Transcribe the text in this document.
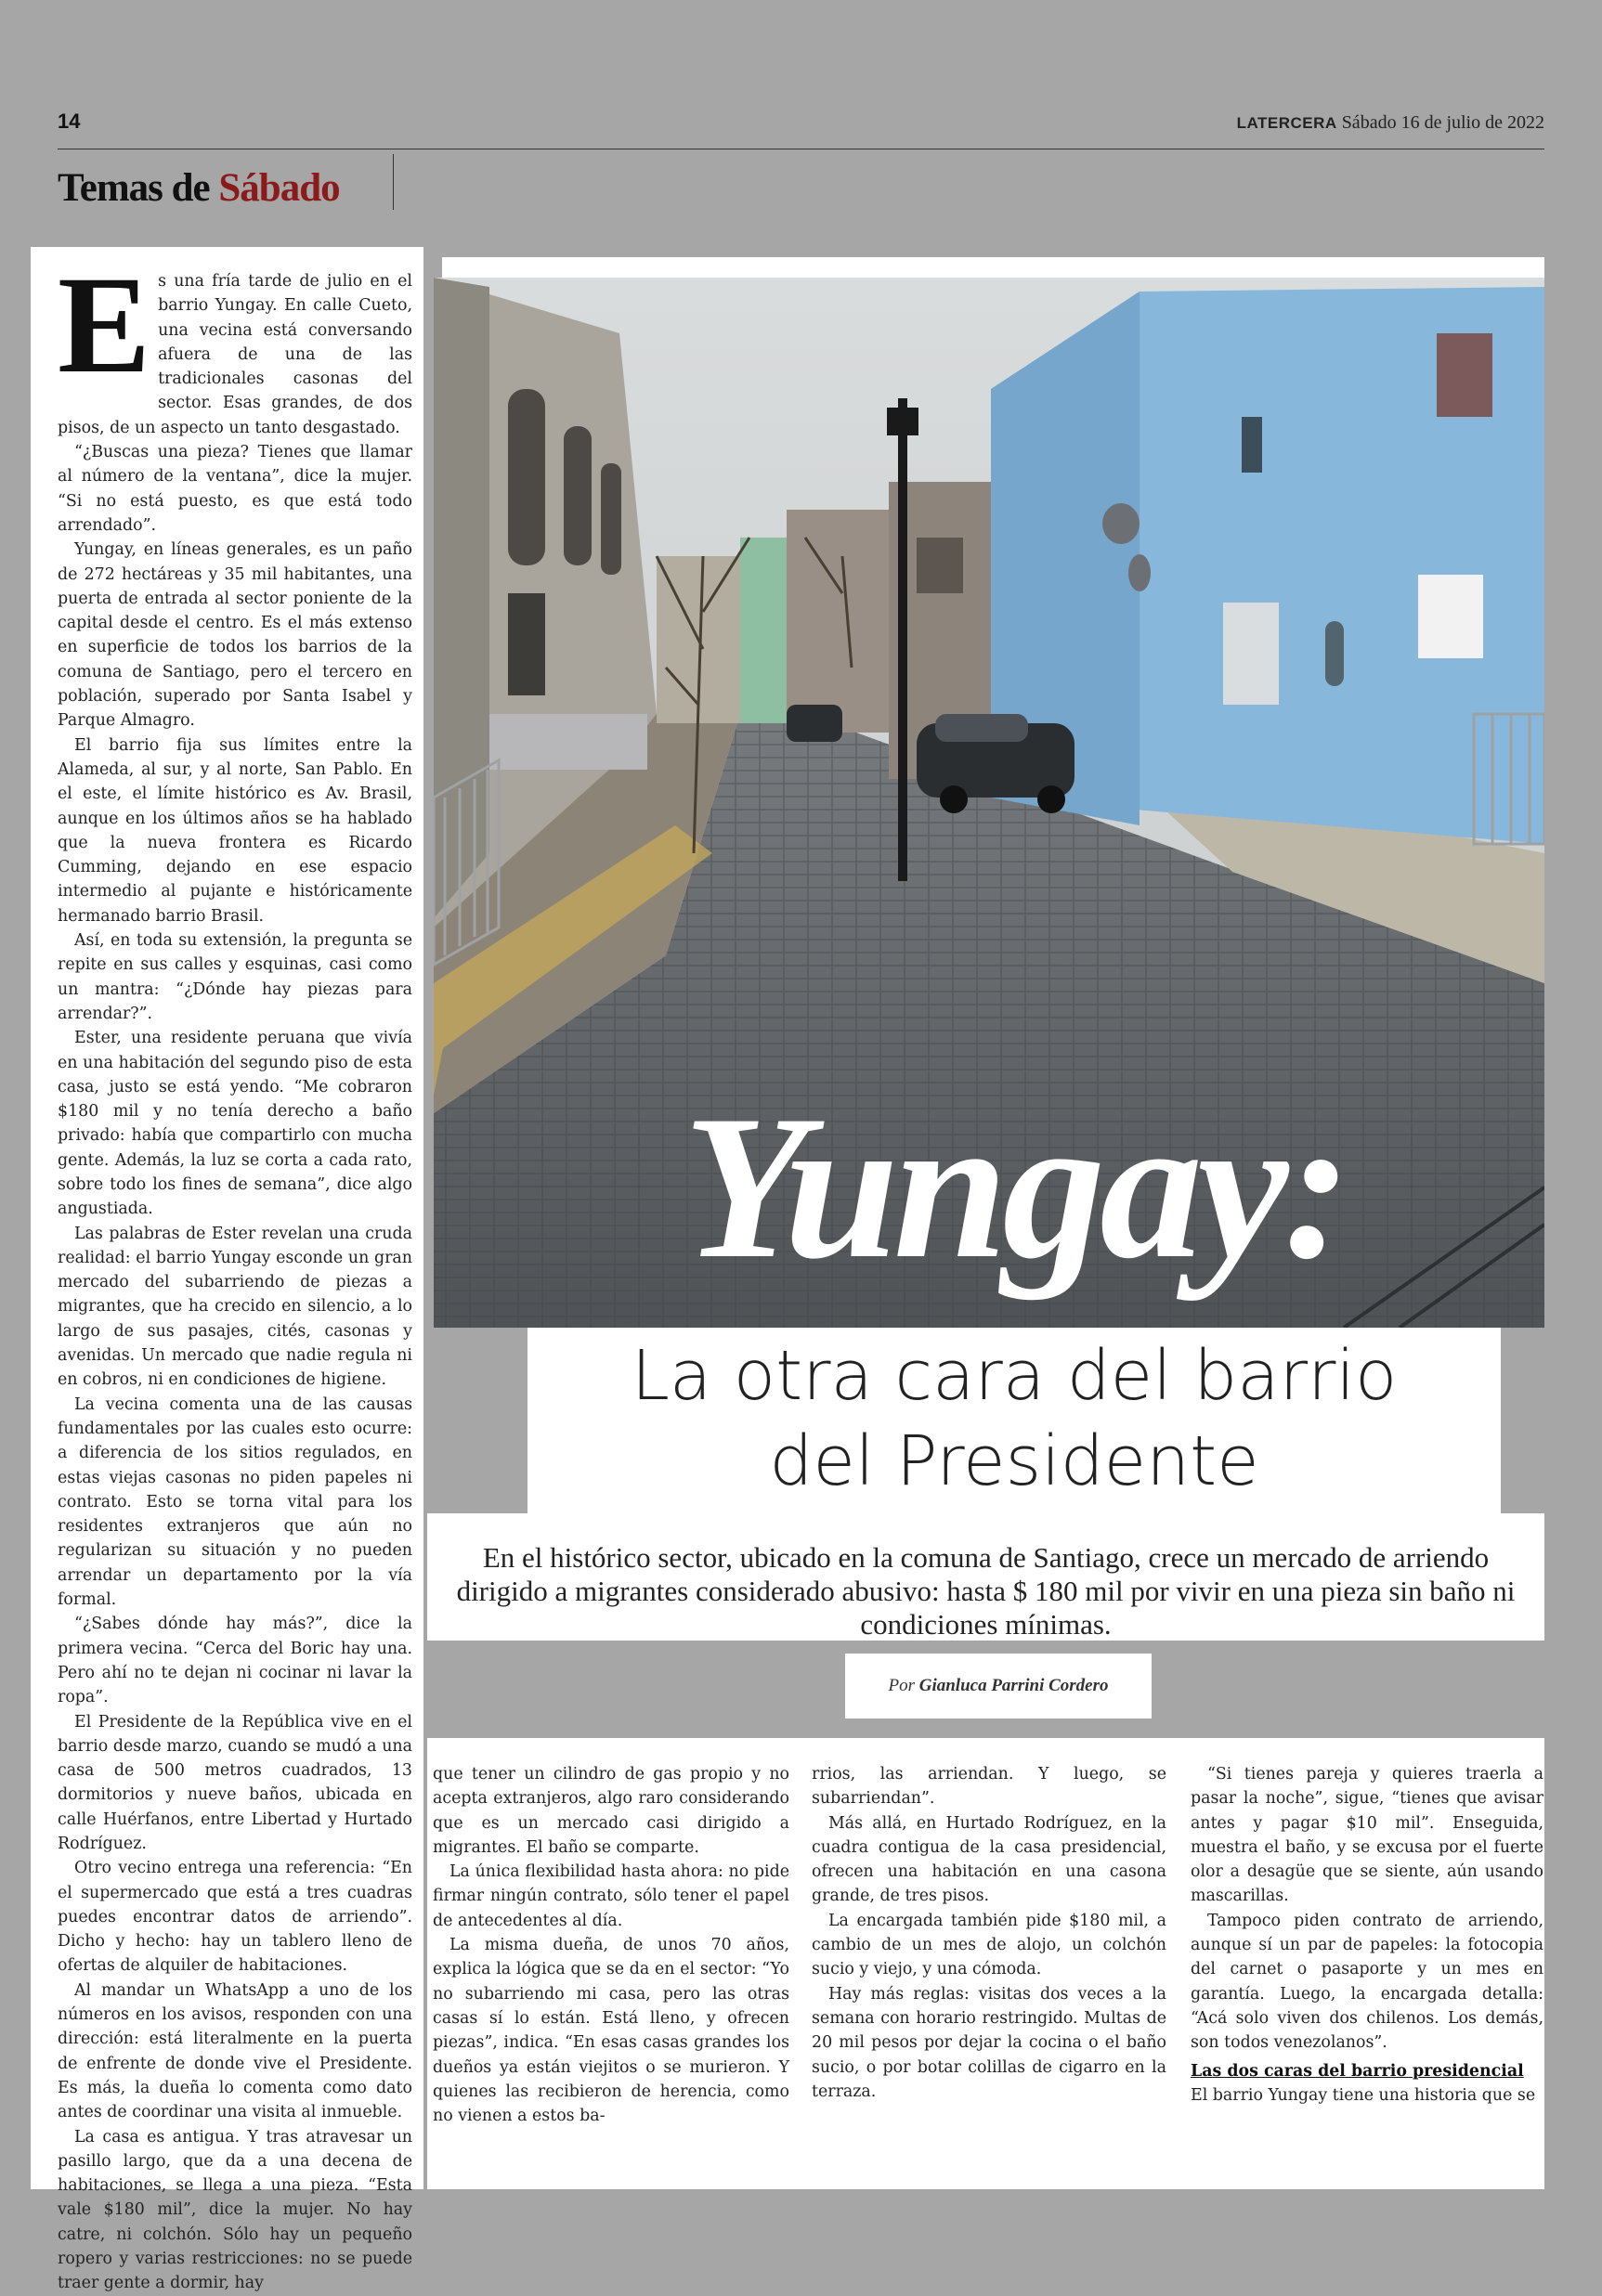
14	LATERCERA Sábado 16 de julio de 2022
Temas de Sábado
Yungay:
La otra cara del barrio
del Presidente

En el histórico sector, ubicado en la comuna de Santiago, crece un mercado de arriendo dirigido a migrantes considerado abusivo: hasta $ 180 mil por vivir en una pieza sin baño ni condiciones mínimas.

Por Gianluca Parrini Cordero

Es una fría tarde de julio en el barrio Yungay. En calle Cueto, una vecina está conversando afuera de una de las tradicionales casonas del sector. Esas grandes, de dos pisos, de un aspecto un tanto desgastado.

“¿Buscas una pieza? Tienes que llamar al número de la ventana”, dice la mujer. “Si no está puesto, es que está todo arrendado”.

Yungay, en líneas generales, es un paño de 272 hectáreas y 35 mil habitantes, una puerta de entrada al sector poniente de la capital desde el centro. Es el más extenso en superficie de todos los barrios de la comuna de Santiago, pero el tercero en población, superado por Santa Isabel y Parque Almagro.

El barrio fija sus límites entre la Alameda, al sur, y al norte, San Pablo. En el este, el límite histórico es Av. Brasil, aunque en los últimos años se ha hablado que la nueva frontera es Ricardo Cumming, dejando en ese espacio intermedio al pujante e históricamente hermanado barrio Brasil.

Así, en toda su extensión, la pregunta se repite en sus calles y esquinas, casi como un mantra: “¿Dónde hay piezas para arrendar?”.

Ester, una residente peruana que vivía en una habitación del segundo piso de esta casa, justo se está yendo. “Me cobraron $180 mil y no tenía derecho a baño privado: había que compartirlo con mucha gente. Además, la luz se corta a cada rato, sobre todo los fines de semana”, dice algo angustiada.

Las palabras de Ester revelan una cruda realidad: el barrio Yungay esconde un gran mercado del subarriendo de piezas a migrantes, que ha crecido en silencio, a lo largo de sus pasajes, cités, casonas y avenidas. Un mercado que nadie regula ni en cobros, ni en condiciones de higiene.

La vecina comenta una de las causas fundamentales por las cuales esto ocurre: a diferencia de los sitios regulados, en estas viejas casonas no piden papeles ni contrato. Esto se torna vital para los residentes extranjeros que aún no regularizan su situación y no pueden arrendar un departamento por la vía formal.

“¿Sabes dónde hay más?”, dice la primera vecina. “Cerca del Boric hay una. Pero ahí no te dejan ni cocinar ni lavar la ropa”.

El Presidente de la República vive en el barrio desde marzo, cuando se mudó a una casa de 500 metros cuadrados, 13 dormitorios y nueve baños, ubicada en calle Huérfanos, entre Libertad y Hurtado Rodríguez.

Otro vecino entrega una referencia: “En el supermercado que está a tres cuadras puedes encontrar datos de arriendo”. Dicho y hecho: hay un tablero lleno de ofertas de alquiler de habitaciones.

Al mandar un WhatsApp a uno de los números en los avisos, responden con una dirección: está literalmente en la puerta de enfrente de donde vive el Presidente. Es más, la dueña lo comenta como dato antes de coordinar una visita al inmueble.

La casa es antigua. Y tras atravesar un pasillo largo, que da a una decena de habitaciones, se llega a una pieza. “Esta vale $180 mil”, dice la mujer. No hay catre, ni colchón. Sólo hay un pequeño ropero y varias restricciones: no se puede traer gente a dormir, hay

que tener un cilindro de gas propio y no acepta extranjeros, algo raro considerando que es un mercado casi dirigido a migrantes. El baño se comparte.

La única flexibilidad hasta ahora: no pide firmar ningún contrato, sólo tener el papel de antecedentes al día.

La misma dueña, de unos 70 años, explica la lógica que se da en el sector: “Yo no subarriendo mi casa, pero las otras casas sí lo están. Está lleno, y ofrecen piezas”, indica. “En esas casas grandes los dueños ya están viejitos o se murieron. Y quienes las recibieron de herencia, como no vienen a estos ba-

rrios, las arriendan. Y luego, se subarriendan”.

Más allá, en Hurtado Rodríguez, en la cuadra contigua de la casa presidencial, ofrecen una habitación en una casona grande, de tres pisos.

La encargada también pide $180 mil, a cambio de un mes de alojo, un colchón sucio y viejo, y una cómoda.

Hay más reglas: visitas dos veces a la semana con horario restringido. Multas de 20 mil pesos por dejar la cocina o el baño sucio, o por botar colillas de cigarro en la terraza.

“Si tienes pareja y quieres traerla a pasar la noche”, sigue, “tienes que avisar antes y pagar $10 mil”. Enseguida, muestra el baño, y se excusa por el fuerte olor a desagüe que se siente, aún usando mascarillas.

Tampoco piden contrato de arriendo, aunque sí un par de papeles: la fotocopia del carnet o pasaporte y un mes en garantía. Luego, la encargada detalla: “Acá solo viven dos chilenos. Los demás, son todos venezolanos”.

Las dos caras del barrio presidencial

El barrio Yungay tiene una historia que se
